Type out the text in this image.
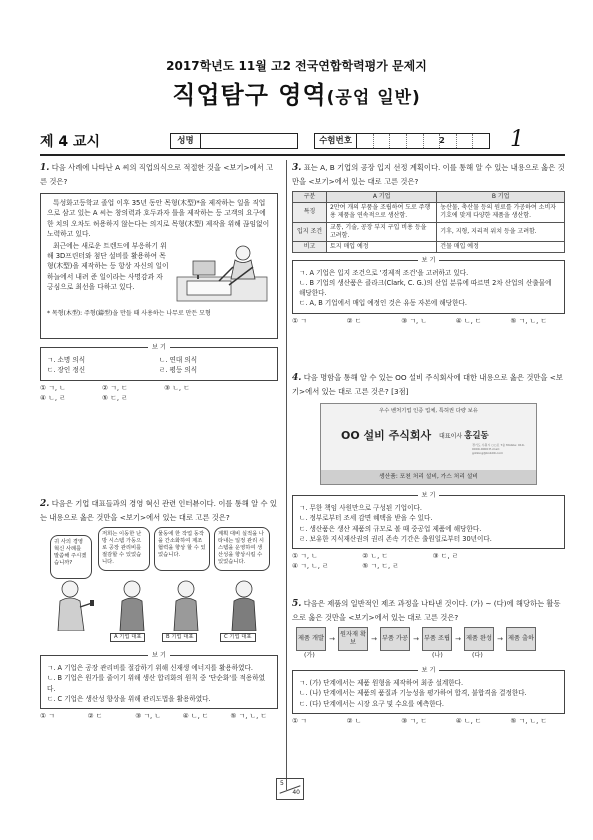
2017학년도 11월 고2 전국연합학력평가 문제지
직업탐구 영역(공업 일반)
제 4 교시	성명	수험번호	2	1
1. 다음 사례에 나타난 A 씨의 직업의식으로 적절한 것을 <보기>에서 고른 것은?

특성화고등학교 졸업 이후 35년 동안 목형(木型)*을 제작하는 일을 직업으로 삼고 있는 A 씨는 창의력과 호두과자 틀을 제작하는 등 고객의 요구에 한 치의 오차도 허용하지 않는다는 의지로 목형(木型) 제작을 위해 끊임없이 노력하고 있다.

최근에는 새로운 트렌드에 부응하기 위해 3D프린터와 첨단 설비를 활용하여 목형(木型)을 제작하는 등 항상 자신의 일이 하늘에서 내려 준 일이라는 사명감과 자긍심으로 최선을 다하고 있다.

* 목형(木型): 주형(鑄型)을 만들 때 사용하는 나무로 만든 모형

보 기
ㄱ. 소명 의식	ㄴ. 연대 의식
ㄷ. 장인 정신	ㄹ. 평등 의식
① ㄱ, ㄴ	② ㄱ, ㄷ	③ ㄴ, ㄷ
④ ㄴ, ㄹ	⑤ ㄷ, ㄹ
2. 다음은 기업 대표들과의 경영 혁신 관련 인터뷰이다. 이를 통해 알 수 있는 내용으로 옳은 것만을 <보기>에서 있는 대로 고른 것은?
귀 사의 경영 혁신 사례를 말씀해 주시겠습니까?
저희는 이동한 난방 시스템 가동으로 공장 관리비를 절감할 수 있었습니다.
물동에 한 작업 동작을 간소화하여 제조 협력을 향상 할 수 있었습니다.
계획 대비 실적을 나타내는 일정 관리 시스템을 운영하여 생산성을 향상시킬 수 있었습니다.
A 기업 대표	B 기업 대표	C 기업 대표
보 기

ㄱ. A 기업은 공장 관리비를 절감하기 위해 신재생 에너지를 활용하였다.

ㄴ. B 기업은 원가를 줄이기 위해 생산 합리화의 원칙 중 '단순화'를 적용하였다.

ㄷ. C 기업은 생산성 향상을 위해 관리도법을 활용하였다.

① ㄱ	② ㄷ	③ ㄱ, ㄴ	④ ㄴ, ㄷ	⑤ ㄱ, ㄴ, ㄷ
3. 표는 A, B 기업의 공장 입지 선정 계획이다. 이를 통해 알 수 있는 내용으로 옳은 것만을 <보기>에서 있는 대로 고른 것은?
구분	A 기업	B 기업
특징	2만여 개의 부품을 조립하여 도로 주행용 제품을 연속적으로 생산함.	농산물, 축산물 등의 원료를 가공하여 소비자 기호에 맞게 다양한 제품을 생산함.
입지 조건	교통, 기술, 공장 부지 구입 비용 등을 고려함.	기후, 지형, 지리적 위치 등을 고려함.
비고	토지 매입 예정	건물 매입 예정
보 기

ㄱ. A 기업은 입지 조건으로 '경제적 조건'을 고려하고 있다.

ㄴ. B 기업의 생산품은 클라크(Clark, C. G.)의 산업 분류에 따르면 2차 산업의 산출물에 해당한다.

ㄷ. A, B 기업에서 매입 예정인 것은 유동 자본에 해당한다.

① ㄱ	② ㄷ	③ ㄱ, ㄴ	④ ㄴ, ㄷ	⑤ ㄱ, ㄴ, ㄷ
4. 다음 명함을 통해 알 수 있는 OO 설비 주식회사에 대한 내용으로 옳은 것만을 <보기>에서 있는 대로 고른 것은? [3점]
우수 벤처기업 인증 업체, 특허권 다량 보유
OO 설비 주식회사 대표이사 홍길동
경기도 수원시 ○○로 7층 Mobile: 010-0000-0000 E-mail: gildong@bnb00.com
생산품: 포천 처리 설비, 가스 처리 설비
보 기

ㄱ. 무한 책임 사원만으로 구성된 기업이다.

ㄴ. 정부로부터 조세 감면 혜택을 받을 수 있다.

ㄷ. 생산품은 생산 제품의 규모로 볼 때 중공업 제품에 해당한다.

ㄹ. 보유한 지식재산권의 권리 존속 기간은 출원일로부터 30년이다.

① ㄱ, ㄴ	② ㄴ, ㄷ	③ ㄷ, ㄹ
④ ㄱ, ㄴ, ㄹ	⑤ ㄱ, ㄷ, ㄹ
5. 다음은 제품의 일반적인 제조 과정을 나타낸 것이다. (가) ~ (다)에 해당하는 활동으로 옳은 것만을 <보기>에서 있는 대로 고른 것은?
제품 개발 →
원자재 확보	→ 부품 가공 → 부품 조립 → 제품 완성 → 제품 출하
(가)	(나)	(다)
보 기

ㄱ. (가) 단계에서는 제품 원형을 제작하여 최종 설계한다.

ㄴ. (나) 단계에서는 제품의 품질과 기능성을 평가하여 합격, 불합격을 결정한다.

ㄷ. (다) 단계에서는 시장 요구 및 수요를 예측한다.

① ㄱ	② ㄴ	③ ㄱ, ㄷ	④ ㄴ, ㄷ	⑤ ㄱ, ㄴ, ㄷ
5
40
